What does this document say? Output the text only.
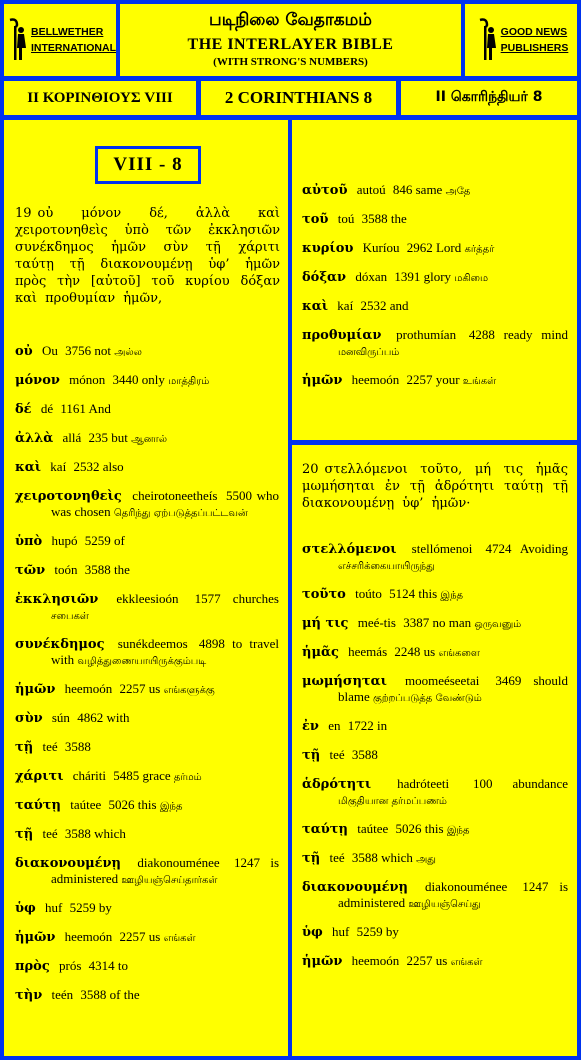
BELLWETHER
INTERNATIONAL
படிநிலை வேதாகமம்
THE INTERLAYER BIBLE
(WITH STRONG'S NUMBERS)
GOOD NEWS
PUBLISHERS
II ΚΟΡΙΝΘΙΟΥΣ VIII	2 CORINTHIANS 8	II கொரிந்தியர் 8
VIII - 8
19 οὐ μόνον δέ, ἀλλὰ καὶ χειροτονηθεὶς ὑπὸ τῶν ἐκκλησιῶν συνέκδημος ἡμῶν σὺν τῇ χάριτι ταύτῃ τῇ διακονουμένῃ ὑφ’ ἡμῶν πρὸς τὴν [αὐτοῦ] τοῦ κυρίου δόξαν καὶ προθυμίαν ἡμῶν,
οὐ Ou 3756 not அல்ல
μόνον mónon 3440 only மாத்திரம்
δέ dé 1161 And
ἀλλὰ allá 235 but ஆனால்
καὶ kaí 2532 also
χειροτονηθεὶς cheirotoneetheís 5500 who was chosen தெரிந்து ஏற்படுத்தப்பட்டவன்
ὑπὸ hupó 5259 of
τῶν toón 3588 the
ἐκκλησιῶν ekkleesioón 1577 churches சபைகள்
συνέκδημος sunékdeemos 4898 to travel with வழித்துணையாயிருக்கும்படி
ἡμῶν heemoón 2257 us எங்களுக்கு
σὺν sún 4862 with
τῇ teé 3588
χάριτι cháriti 5485 grace தர்மம்
ταύτῃ taútee 5026 this இந்த
τῇ teé 3588 which
διακονουμένῃ diakonouménee 1247 is administered ஊழியஞ்செய்தார்கள்
ὑφ huf 5259 by
ἡμῶν heemoón 2257 us எங்கள்
πρὸς prós 4314 to
τὴν teén 3588 of the
αὐτοῦ autoú 846 same அதே
τοῦ toú 3588 the
κυρίου Kuríou 2962 Lord கர்த்தர்
δόξαν dóxan 1391 glory மகிமை
καὶ kaí 2532 and
προθυμίαν prothumían 4288 ready mind மனவிருப்பம்
ἡμῶν heemoón 2257 your உங்கள்
20 στελλόμενοι τοῦτο, μή τις ἡμᾶς μωμήσηται ἐν τῇ ἁδρότητι ταύτῃ τῇ διακονουμένῃ ὑφ’ ἡμῶν·
στελλόμενοι stellómenoi 4724 Avoiding எச்சரிக்கையாயிருந்து
τοῦτο toúto 5124 this இந்த
μή τις meé-tis 3387 no man ஒருவனும்
ἡμᾶς heemás 2248 us எங்களை
μωμήσηται moomeéseetai 3469 should blame குற்றப்படுத்த வேண்டும்
ἐν en 1722 in
τῇ teé 3588
ἁδρότητι hadróteeti 100 abundance மிகுதியான தர்மப்பணம்
ταύτῃ taútee 5026 this இந்த
τῇ teé 3588 which அது
διακονουμένῃ diakonouménee 1247 is administered ஊழியஞ்செய்து
ὑφ huf 5259 by
ἡμῶν heemoón 2257 us எங்கள்
